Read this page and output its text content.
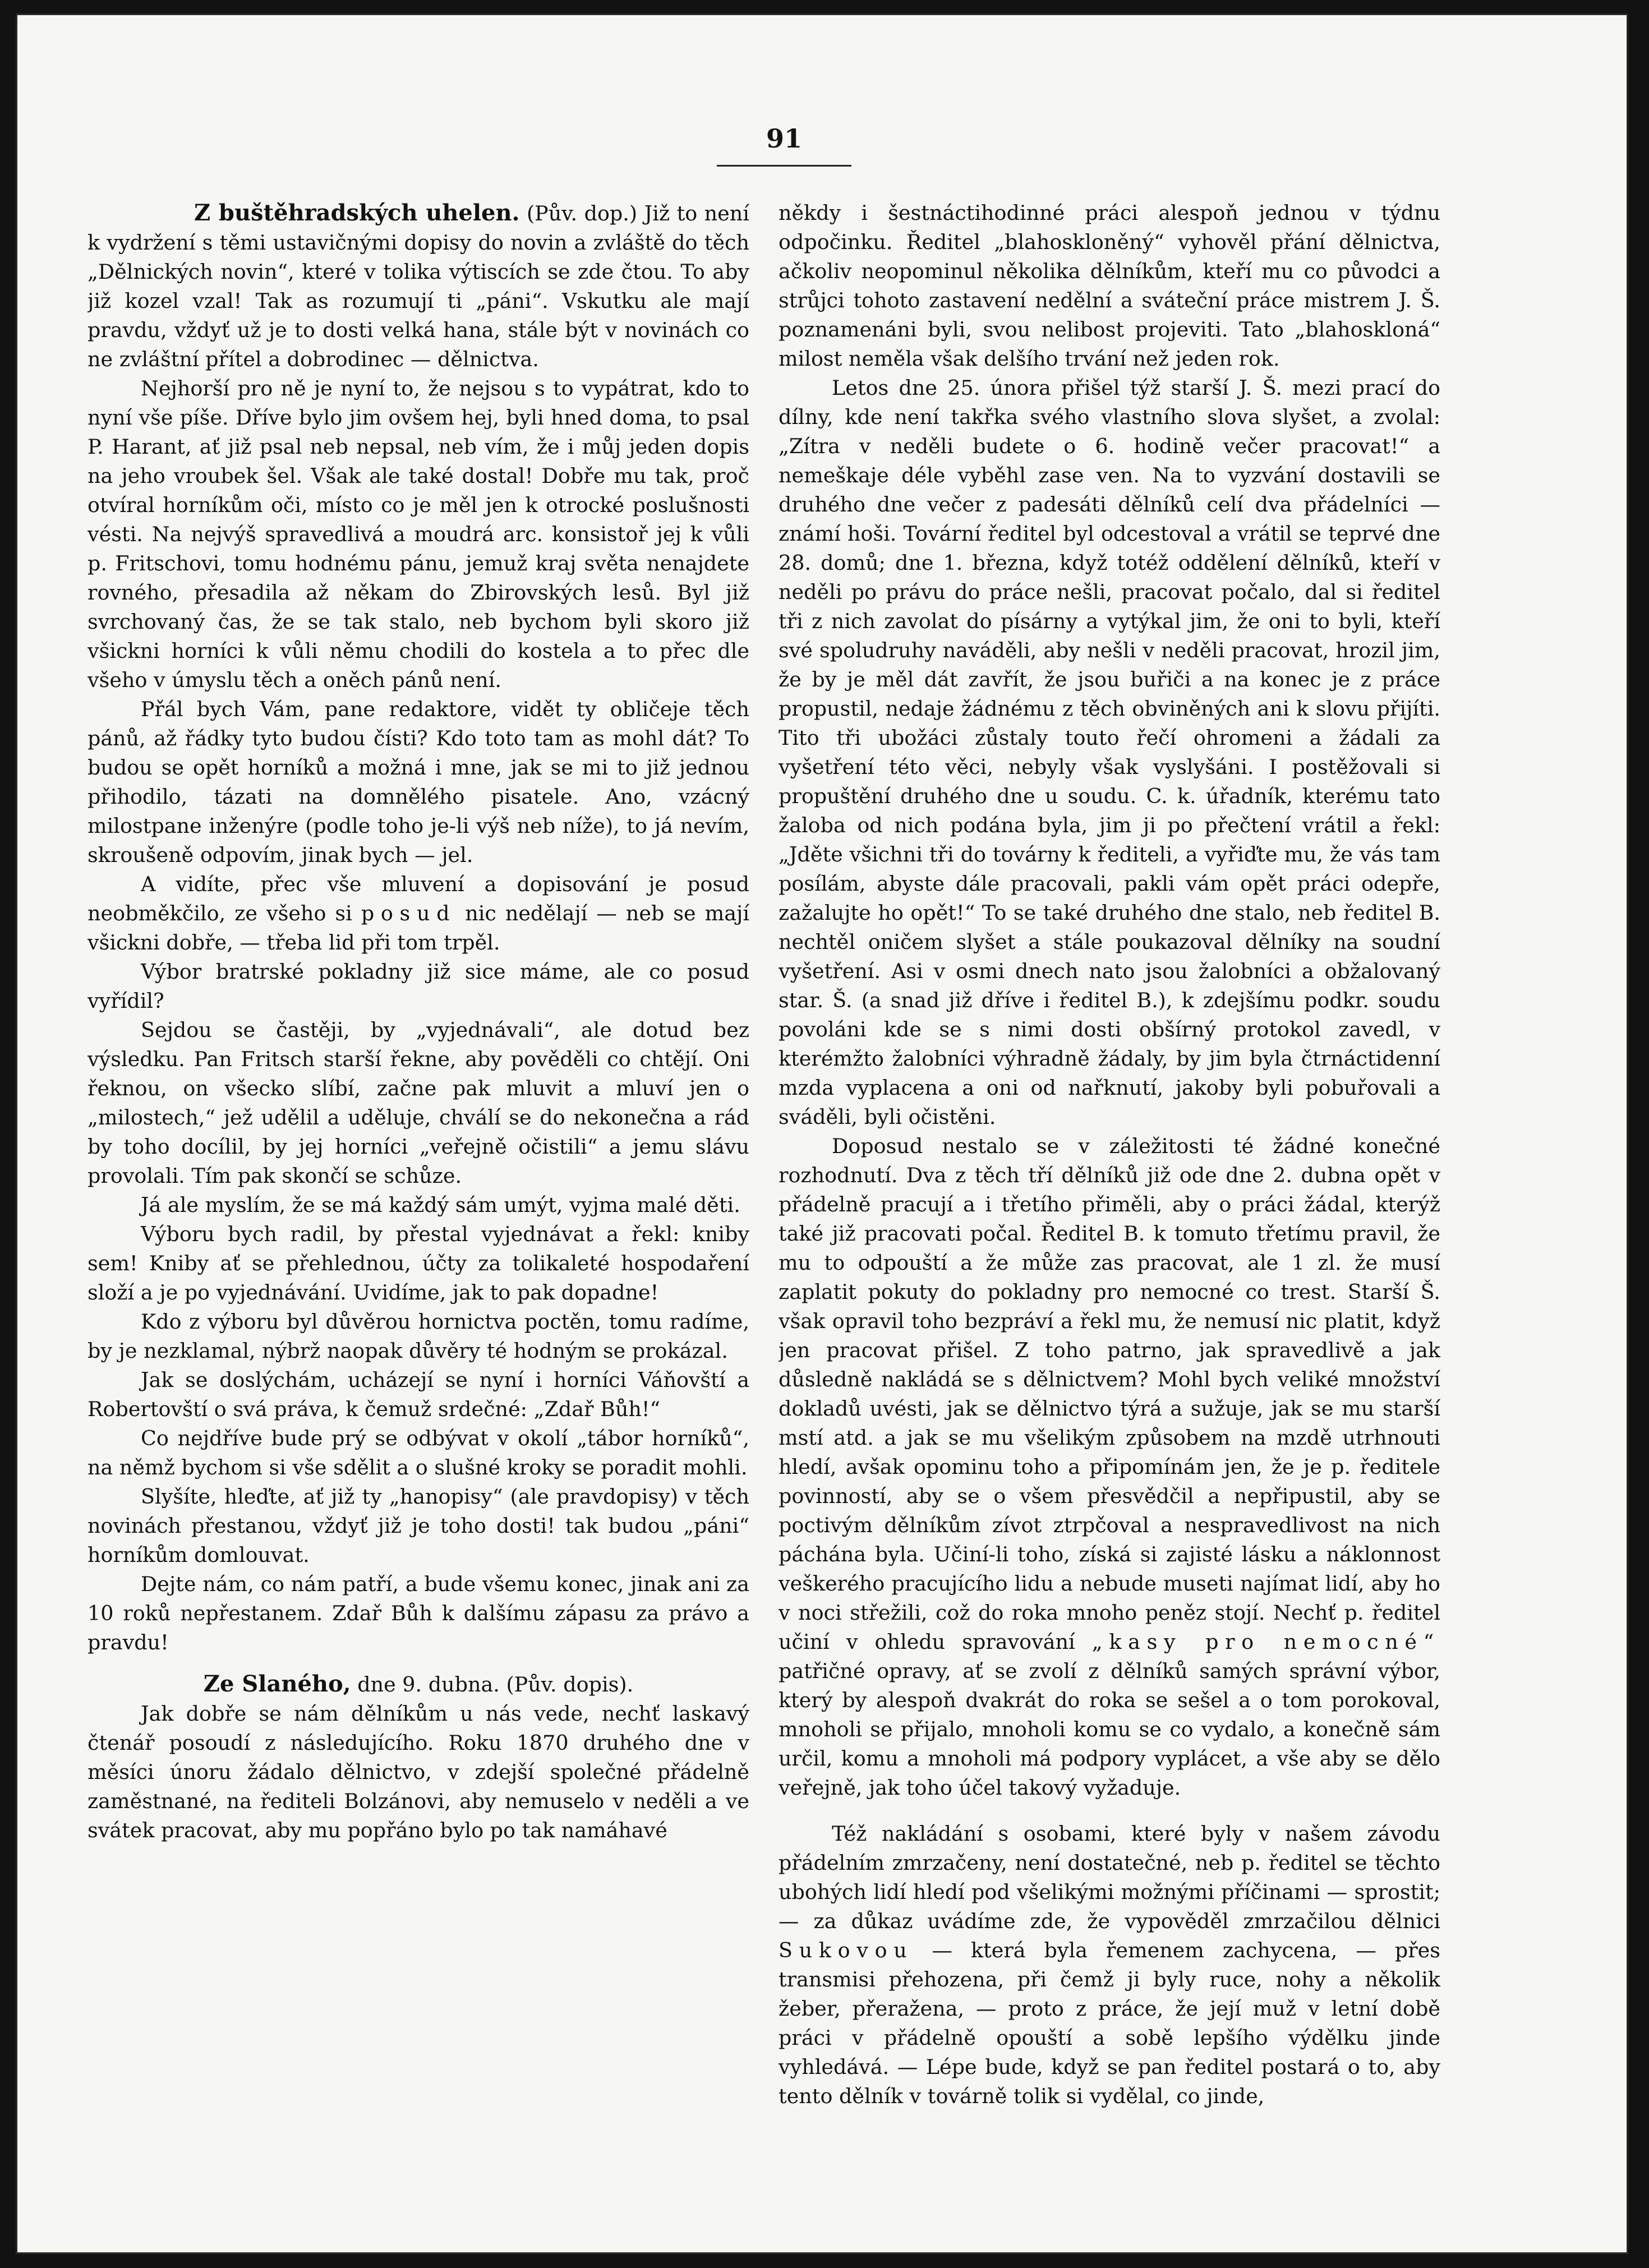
91

Z buštěhradských uhelen. (Pův. dop.) Již to není k vydržení s těmi ustavičnými dopisy do novin a zvláště do těch „Dělnických novin“, které v tolika výtiscích se zde čtou. To aby již kozel vzal! Tak as rozumují ti „páni“. Vskutku ale mají pravdu, vždyť už je to dosti velká hana, stále být v novinách co ne zvláštní přítel a dobrodinec — dělnictva.

Nejhorší pro ně je nyní to, že nejsou s to vypátrat, kdo to nyní vše píše. Dříve bylo jim ovšem hej, byli hned doma, to psal P. Harant, ať již psal neb nepsal, neb vím, že i můj jeden dopis na jeho vroubek šel. Však ale také dostal! Dobře mu tak, proč otvíral horníkům oči, místo co je měl jen k otrocké poslušnosti vésti. Na nejvýš spravedlivá a moudrá arc. konsistoř jej k vůli p. Fritschovi, tomu hodnému pánu, jemuž kraj světa nenajdete rovného, přesadila až někam do Zbirovských lesů. Byl již svrchovaný čas, že se tak stalo, neb bychom byli skoro již všickni horníci k vůli němu chodili do kostela a to přec dle všeho v úmyslu těch a oněch pánů není.

Přál bych Vám, pane redaktore, vidět ty obličeje těch pánů, až řádky tyto budou čísti? Kdo toto tam as mohl dát? To budou se opět horníků a možná i mne, jak se mi to již jednou přihodilo, tázati na domnělého pisatele. Ano, vzácný milostpane inženýre (podle toho je-li výš neb níže), to já nevím, skroušeně odpovím, jinak bych — jel.

A vidíte, přec vše mluvení a dopisování je posud neobměkčilo, ze všeho si posud nic nedělají — neb se mají všickni dobře, — třeba lid při tom trpěl.

Výbor bratrské pokladny již sice máme, ale co posud vyřídil?

Sejdou se častěji, by „vyjednávali“, ale dotud bez výsledku. Pan Fritsch starší řekne, aby pověděli co chtějí. Oni řeknou, on všecko slíbí, začne pak mluvit a mluví jen o „milostech,“ jež udělil a uděluje, chválí se do nekonečna a rád by toho docílil, by jej horníci „veřejně očistili“ a jemu slávu provolali. Tím pak skončí se schůze.

Já ale myslím, že se má každý sám umýt, vyjma malé děti.

Výboru bych radil, by přestal vyjednávat a řekl: kniby sem! Kniby ať se přehlednou, účty za tolikaleté hospodaření složí a je po vyjednávání. Uvidíme, jak to pak dopadne!

Kdo z výboru byl důvěrou hornictva poctěn, tomu radíme, by je nezklamal, nýbrž naopak důvěry té hodným se prokázal.

Jak se doslýchám, ucházejí se nyní i horníci Váňovští a Robertovští o svá práva, k čemuž srdečné: „Zdař Bůh!“

Co nejdříve bude prý se odbývat v okolí „tábor horníků“, na němž bychom si vše sdělit a o slušné kroky se poradit mohli.

Slyšíte, hleďte, ať již ty „hanopisy“ (ale pravdopisy) v těch novinách přestanou, vždyť již je toho dosti! tak budou „páni“ horníkům domlouvat.

Dejte nám, co nám patří, a bude všemu konec, jinak ani za 10 roků nepřestanem. Zdař Bůh k dalšímu zápasu za právo a pravdu!

Ze Slaného, dne 9. dubna. (Pův. dopis).

Jak dobře se nám dělníkům u nás vede, nechť laskavý čtenář posoudí z následujícího. Roku 1870 druhého dne v měsíci únoru žádalo dělnictvo, v zdejší společné přádelně zaměstnané, na řediteli Bolzánovi, aby nemuselo v neděli a ve svátek pracovat, aby mu popřáno bylo po tak namáhavé

někdy i šestnáctihodinné práci alespoň jednou v týdnu odpočinku. Ředitel „blahoskloněný“ vyhověl přání dělnictva, ačkoliv neopominul několika dělníkům, kteří mu co původci a strůjci tohoto zastavení nedělní a sváteční práce mistrem J. Š. poznamenáni byli, svou nelibost projeviti. Tato „blahoskloná“ milost neměla však delšího trvání než jeden rok.

Letos dne 25. února přišel týž starší J. Š. mezi prací do dílny, kde není takřka svého vlastního slova slyšet, a zvolal: „Zítra v neděli budete o 6. hodině večer pracovat!“ a nemeškaje déle vyběhl zase ven. Na to vyzvání dostavili se druhého dne večer z padesáti dělníků celí dva přádelníci — známí hoši. Tovární ředitel byl odcestoval a vrátil se teprvé dne 28. domů; dne 1. března, když totéž oddělení dělníků, kteří v neděli po právu do práce nešli, pracovat počalo, dal si ředitel tři z nich zavolat do písárny a vytýkal jim, že oni to byli, kteří své spoludruhy naváděli, aby nešli v neděli pracovat, hrozil jim, že by je měl dát zavřít, že jsou buřiči a na konec je z práce propustil, nedaje žádnému z těch obviněných ani k slovu přijíti. Tito tři ubožáci zůstaly touto řečí ohromeni a žádali za vyšetření této věci, nebyly však vyslyšáni. I postěžovali si propuštění druhého dne u soudu. C. k. úřadník, kterému tato žaloba od nich podána byla, jim ji po přečtení vrátil a řekl: „Jděte všichni tři do továrny k řediteli, a vyřiďte mu, že vás tam posílám, abyste dále pracovali, pakli vám opět práci odepře, zažalujte ho opět!“ To se také druhého dne stalo, neb ředitel B. nechtěl oničem slyšet a stále poukazoval dělníky na soudní vyšetření. Asi v osmi dnech nato jsou žalobníci a obžalovaný star. Š. (a snad již dříve i ředitel B.), k zdejšímu podkr. soudu povoláni kde se s nimi dosti obšírný protokol zavedl, v kterémžto žalobníci výhradně žádaly, by jim byla čtrnáctidenní mzda vyplacena a oni od nařknutí, jakoby byli pobuřovali a sváděli, byli očistěni.

Doposud nestalo se v záležitosti té žádné konečné rozhodnutí. Dva z těch tří dělníků již ode dne 2. dubna opět v přádelně pracují a i třetího přiměli, aby o práci žádal, kterýž také již pracovati počal. Ředitel B. k tomuto třetímu pravil, že mu to odpouští a že může zas pracovat, ale 1 zl. že musí zaplatit pokuty do pokladny pro nemocné co trest. Starší Š. však opravil toho bezpráví a řekl mu, že nemusí nic platit, když jen pracovat přišel. Z toho patrno, jak spravedlivě a jak důsledně nakládá se s dělnictvem? Mohl bych veliké množství dokladů uvésti, jak se dělnictvo týrá a sužuje, jak se mu starší mstí atd. a jak se mu všelikým způsobem na mzdě utrhnouti hledí, avšak opominu toho a připomínám jen, že je p. ředitele povinností, aby se o všem přesvědčil a nepřipustil, aby se poctivým dělníkům zívot ztrpčoval a nespravedlivost na nich páchána byla. Učiní-li toho, získá si zajisté lásku a náklonnost veškerého pracujícího lidu a nebude museti najímat lidí, aby ho v noci střežili, což do roka mnoho peněz stojí. Nechť p. ředitel učiní v ohledu spravování „kasy pro nemocné“ patřičné opravy, ať se zvolí z dělníků samých správní výbor, který by alespoň dvakrát do roka se sešel a o tom porokoval, mnoholi se přijalo, mnoholi komu se co vydalo, a konečně sám určil, komu a mnoholi má podpory vyplácet, a vše aby se dělo veřejně, jak toho účel takový vyžaduje.

Též nakládání s osobami, které byly v našem závodu přádelním zmrzačeny, není dostatečné, neb p. ředitel se těchto ubohých lidí hledí pod všelikými možnými příčinami — sprostit; — za důkaz uvádíme zde, že vypověděl zmrzačilou dělnici Sukovou — která byla řemenem zachycena, — přes transmisi přehozena, při čemž ji byly ruce, nohy a několik žeber, přeražena, — proto z práce, že její muž v letní době práci v přádelně opouští a sobě lepšího výdělku jinde vyhledává. — Lépe bude, když se pan ředitel postará o to, aby tento dělník v továrně tolik si vydělal, co jinde,
